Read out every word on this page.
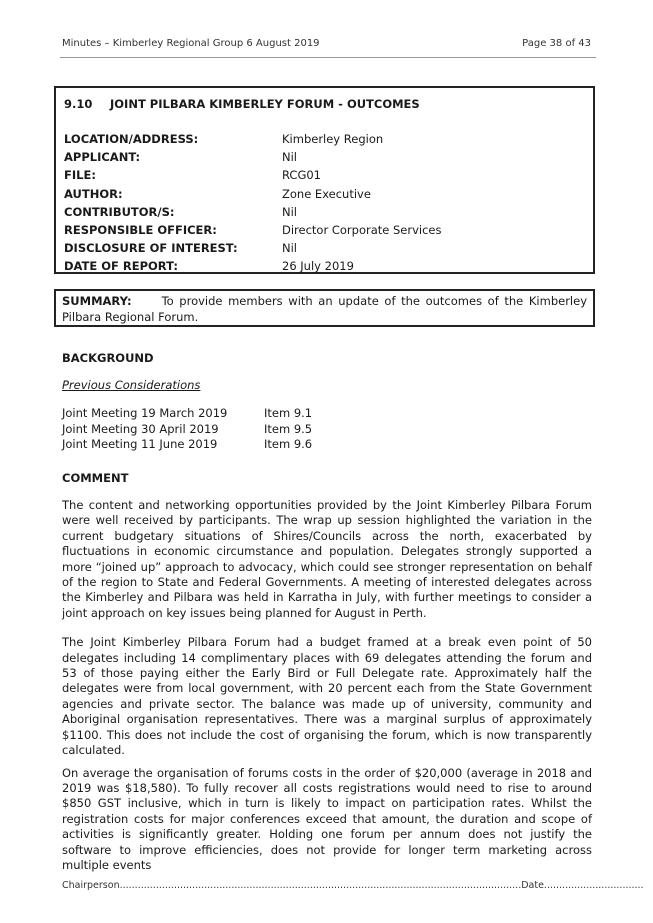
Minutes – Kimberley Regional Group 6 August 2019	Page 38 of 43
9.10 JOINT PILBARA KIMBERLEY FORUM - OUTCOMES
LOCATION/ADDRESS:	Kimberley Region
APPLICANT:	Nil
FILE:	RCG01
AUTHOR:	Zone Executive
CONTRIBUTOR/S:	Nil
RESPONSIBLE OFFICER:	Director Corporate Services
DISCLOSURE OF INTEREST:	Nil
DATE OF REPORT:	26 July 2019
SUMMARY:	To provide members with an update of the outcomes of the Kimberley Pilbara Regional Forum.
BACKGROUND
Previous Considerations
Joint Meeting 19 March 2019	Item 9.1
Joint Meeting 30 April 2019	Item 9.5
Joint Meeting 11 June 2019	Item 9.6
COMMENT

The content and networking opportunities provided by the Joint Kimberley Pilbara Forum were well received by participants. The wrap up session highlighted the variation in the current budgetary situations of Shires/Councils across the north, exacerbated by fluctuations in economic circumstance and population. Delegates strongly supported a more “joined up” approach to advocacy, which could see stronger representation on behalf of the region to State and Federal Governments. A meeting of interested delegates across the Kimberley and Pilbara was held in Karratha in July, with further meetings to consider a joint approach on key issues being planned for August in Perth.

The Joint Kimberley Pilbara Forum had a budget framed at a break even point of 50 delegates including 14 complimentary places with 69 delegates attending the forum and 53 of those paying either the Early Bird or Full Delegate rate. Approximately half the delegates were from local government, with 20 percent each from the State Government agencies and private sector. The balance was made up of university, community and Aboriginal organisation representatives. There was a marginal surplus of approximately $1100. This does not include the cost of organising the forum, which is now transparently calculated.

On average the organisation of forums costs in the order of $20,000 (average in 2018 and 2019 was $18,580). To fully recover all costs registrations would need to rise to around $850 GST inclusive, which in turn is likely to impact on participation rates. Whilst the registration costs for major conferences exceed that amount, the duration and scope of activities is significantly greater. Holding one forum per annum does not justify the software to improve efficiencies, does not provide for longer term marketing across multiple events

Chairperson.....................................................................................................................................Date.................................
